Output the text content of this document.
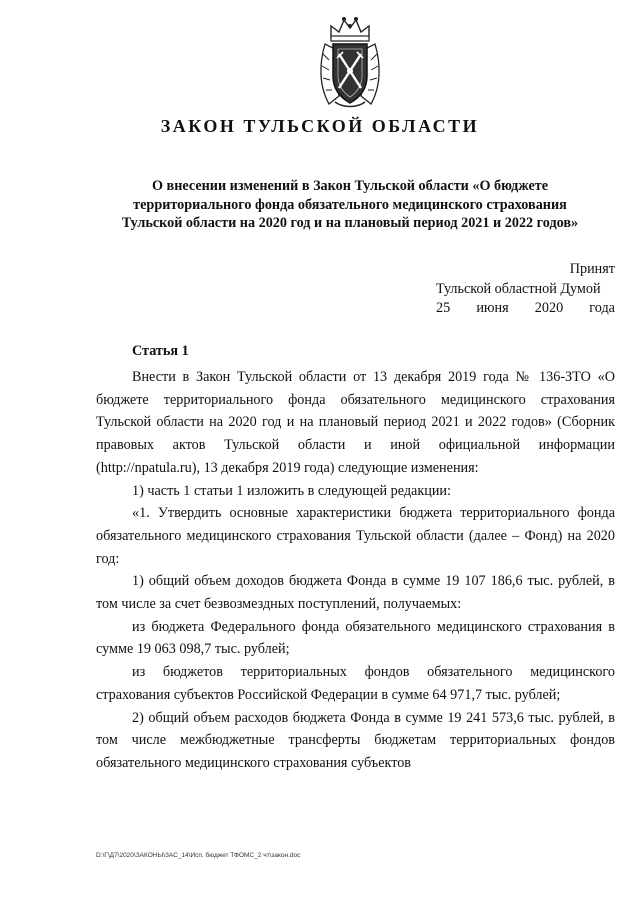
ЗАКОН ТУЛЬСКОЙ ОБЛАСТИ
О внесении изменений в Закон Тульской области «О бюджете территориального фонда обязательного медицинского страхования Тульской области на 2020 год и на плановый период 2021 и 2022 годов»
Принят
Тульской областной Думой
25 июня 2020 года
Статья 1

Внести в Закон Тульской области от 13 декабря 2019 года № 136-ЗТО «О бюджете территориального фонда обязательного медицинского страхования Тульской области на 2020 год и на плановый период 2021 и 2022 годов» (Сборник правовых актов Тульской области и иной официальной информации (http://npatula.ru), 13 декабря 2019 года) следующие изменения:

1) часть 1 статьи 1 изложить в следующей редакции:

«1. Утвердить основные характеристики бюджета территориального фонда обязательного медицинского страхования Тульской области (далее – Фонд) на 2020 год:

1) общий объем доходов бюджета Фонда в сумме 19 107 186,6 тыс. рублей, в том числе за счет безвозмездных поступлений, получаемых:

из бюджета Федерального фонда обязательного медицинского страхования в сумме 19 063 098,7 тыс. рублей;

из бюджетов территориальных фондов обязательного медицинского страхования субъектов Российской Федерации в сумме 64 971,7 тыс. рублей;

2) общий объем расходов бюджета Фонда в сумме 19 241 573,6 тыс. рублей, в том числе межбюджетные трансферты бюджетам территориальных фондов обязательного медицинского страхования субъектов

D:\Г\Д7\2020\ЗАКОНЫ\ЗАС_14\Исп. бюджет ТФОМС_2 чт\закон.doc
